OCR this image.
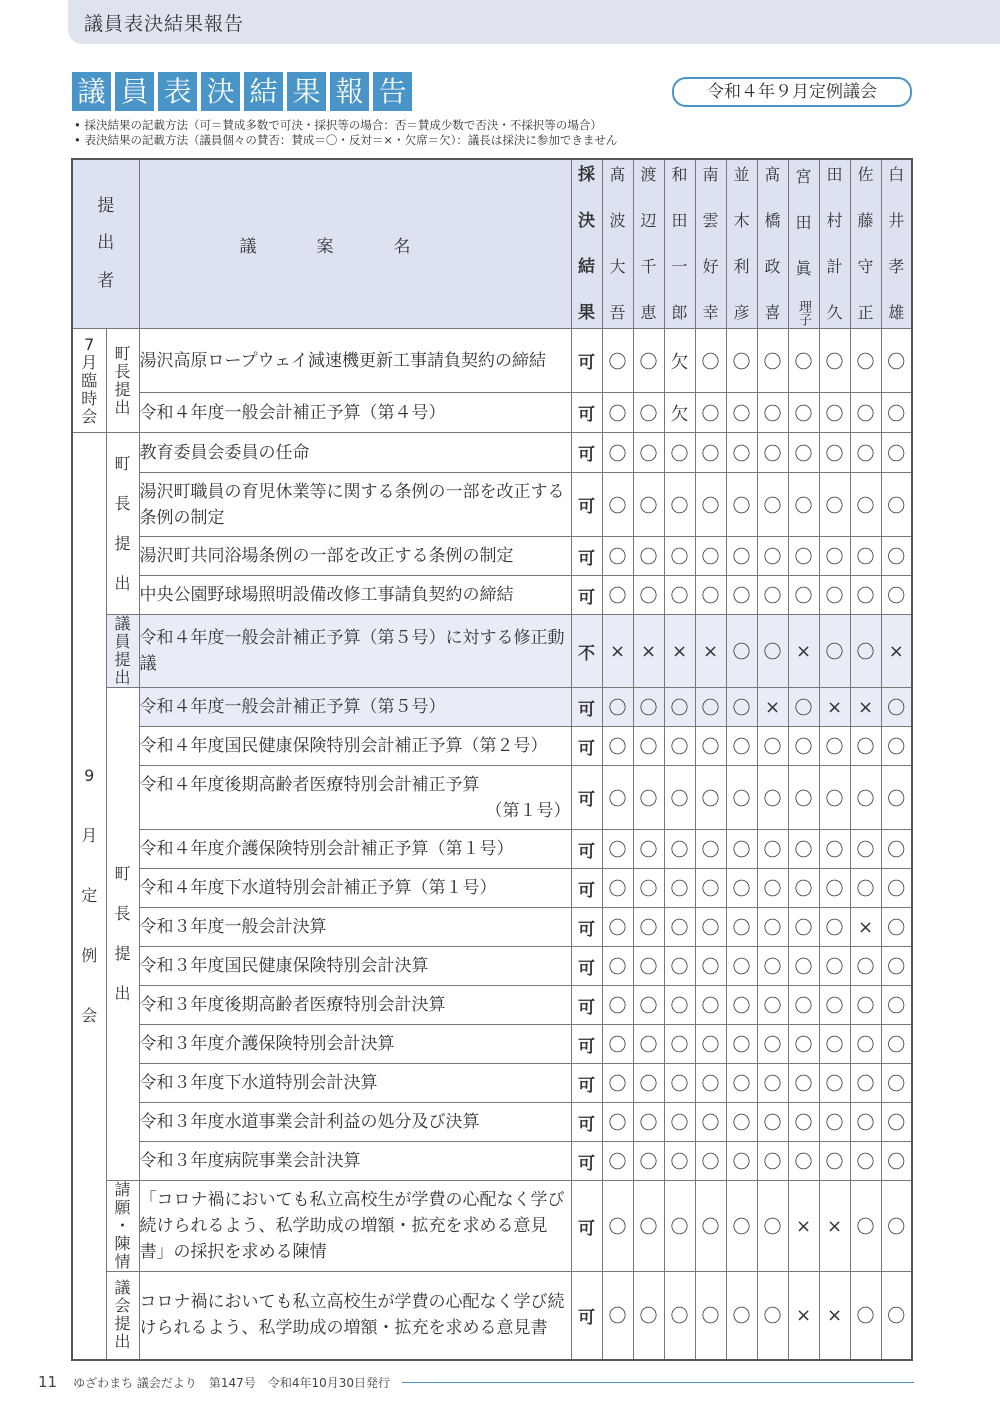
議員表決結果報告
議 員 表 決 結 果 報 告	令和４年９月定例議会
• 採決結果の記載方法（可＝賛成多数で可決・採択等の場合：否＝賛成少数で否決・不採択等の場合）
• 表決結果の記載方法（議員個々の賛否：賛成＝〇・反対＝×・欠席＝欠）：議長は採決に参加できません
提
出
者		議案名	採
決
結
果	髙
波
大
吾	渡
辺
千
恵	和
田
一
郎	南
雲
好
幸	並
木
利
彦	髙
橋
政
喜	宮
田
眞
理子	田
村
計
久	佐
藤
守
正	白
井
孝
雄

7
月
臨
時
会	町
長
提
出	湯沢高原ロープウェイ減速機更新工事請負契約の締結	可	〇	〇	欠	〇	〇	〇	〇	〇	〇	〇
		令和４年度一般会計補正予算（第４号）	可	〇	〇	欠	〇	〇	〇	〇	〇	〇	〇

9
月
定
例
会	町
長
提
出	教育委員会委員の任命	可	〇	〇	〇	〇	〇	〇	〇	〇	〇	〇
		湯沢町職員の育児休業等に関する条例の一部を改正する条例の制定	可	〇	〇	〇	〇	〇	〇	〇	〇	〇	〇
		湯沢町共同浴場条例の一部を改正する条例の制定	可	〇	〇	〇	〇	〇	〇	〇	〇	〇	〇
		中央公園野球場照明設備改修工事請負契約の締結	可	〇	〇	〇	〇	〇	〇	〇	〇	〇	〇

	議
員
提
出	令和４年度一般会計補正予算（第５号）に対する修正動議	不	×	×	×	×	〇	〇	×	〇	〇	×

	町
長
提
出	令和４年度一般会計補正予算（第５号）	可	〇	〇	〇	〇	〇	×	〇	×	×	〇
		令和４年度国民健康保険特別会計補正予算（第２号）	可	〇	〇	〇	〇	〇	〇	〇	〇	〇	〇
		令和４年度後期高齢者医療特別会計補正予算
（第１号）	可	〇	〇	〇	〇	〇	〇	〇	〇	〇	〇
		令和４年度介護保険特別会計補正予算（第１号）	可	〇	〇	〇	〇	〇	〇	〇	〇	〇	〇
		令和４年度下水道特別会計補正予算（第１号）	可	〇	〇	〇	〇	〇	〇	〇	〇	〇	〇
		令和３年度一般会計決算	可	〇	〇	〇	〇	〇	〇	〇	〇	×	〇
		令和３年度国民健康保険特別会計決算	可	〇	〇	〇	〇	〇	〇	〇	〇	〇	〇
		令和３年度後期高齢者医療特別会計決算	可	〇	〇	〇	〇	〇	〇	〇	〇	〇	〇
		令和３年度介護保険特別会計決算	可	〇	〇	〇	〇	〇	〇	〇	〇	〇	〇
		令和３年度下水道特別会計決算	可	〇	〇	〇	〇	〇	〇	〇	〇	〇	〇
		令和３年度水道事業会計利益の処分及び決算	可	〇	〇	〇	〇	〇	〇	〇	〇	〇	〇
		令和３年度病院事業会計決算	可	〇	〇	〇	〇	〇	〇	〇	〇	〇	〇

	請
願
・
陳
情	「コロナ禍においても私立高校生が学費の心配なく学び続けられるよう、私学助成の増額・拡充を求める意見書」の採択を求める陳情	可	〇	〇	〇	〇	〇	〇	×	×	〇	〇

	議
会
提
出	コロナ禍においても私立高校生が学費の心配なく学び続けられるよう、私学助成の増額・拡充を求める意見書	可	〇	〇	〇	〇	〇	〇	×	×	〇	〇
11 ゆざわまち 議会だより　第147号　令和4年10月30日発行
